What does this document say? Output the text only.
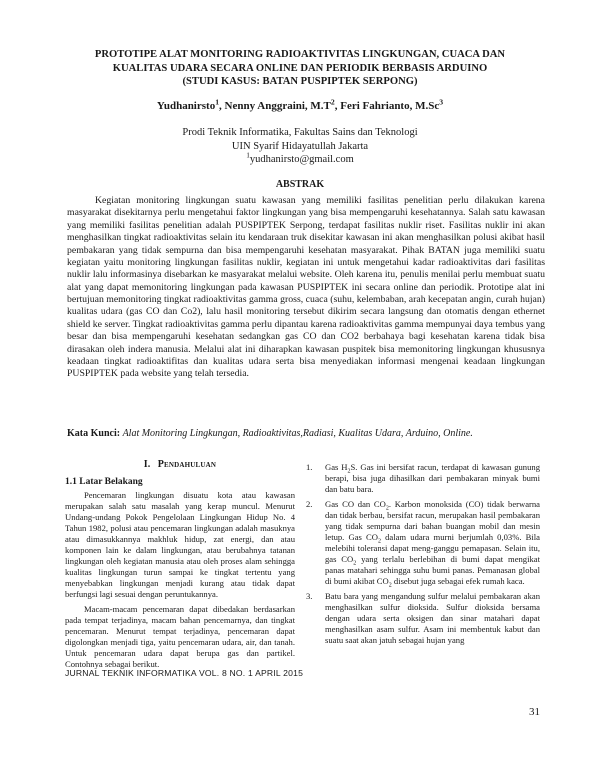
PROTOTIPE ALAT MONITORING RADIOAKTIVITAS LINGKUNGAN, CUACA DAN
KUALITAS UDARA SECARA ONLINE DAN PERIODIK BERBASIS ARDUINO
(STUDI KASUS: BATAN PUSPIPTEK SERPONG)
Yudhanirsto$^1$, Nenny Anggraini, $M.T^2$, Feri Fahrianto, M.Sc$^3$
Prodi Teknik Informatika, Fakultas Sains dan Teknologi
UIN Syarif Hidayatullah Jakarta
$^1$yudhanirsto@gmail.com
ABSTRAK

Kegiatan monitoring lingkungan suatu kawasan yang memiliki fasilitas penelitian perlu dilakukan karena masyarakat disekitarnya perlu mengetahui faktor lingkungan yang bisa mempengaruhi kesehatannya. Salah satu kawasan yang memiliki fasilitas penelitian adalah PUSPIPTEK Serpong, terdapat fasilitas nuklir riset. Fasilitas nuklir ini akan menghasilkan tingkat radioaktivitas selain itu kendaraan truk disekitar kawasan ini akan menghasilkan polusi akibat hasil pembakaran yang tidak sempurna dan bisa mempengaruhi kesehatan masyarakat. Pihak BATAN juga memiliki suatu kegiatan yaitu monitoring lingkungan fasilitas nuklir, kegiatan ini untuk mengetahui kadar radioaktivitas dari fasilitas nuklir lalu informasinya disebarkan ke masyarakat melalui website. Oleh karena itu, penulis menilai perlu membuat suatu alat yang dapat memonitoring lingkungan pada kawasan PUSPIPTEK ini secara online dan periodik. Prototipe alat ini bertujuan memonitoring tingkat radioaktivitas gamma gross, cuaca (suhu, kelembaban, arah kecepatan angin, curah hujan) kualitas udara (gas CO dan Co2), lalu hasil monitoring tersebut dikirim secara langsung dan otomatis dengan ethernet shield ke server. Tingkat radioaktivitas gamma perlu dipantau karena radioaktivitas gamma mempunyai daya tembus yang besar dan bisa mempengaruhi kesehatan sedangkan gas CO dan CO2 berbahaya bagi kesehatan karena tidak bisa dirasakan oleh indera manusia. Melalui alat ini diharapkan kawasan puspitek bisa memonitoring lingkungan khususnya keadaan tingkat radioaktifitas dan kualitas udara serta bisa menyediakan informasi mengenai keadaan lingkungan PUSPIPTEK pada website yang telah tersedia.

Kata Kunci: Alat Monitoring Lingkungan, Radioaktivitas,Radiasi, Kualitas Udara, Arduino, Online.
I. Pendahuluan
1.1 Latar Belakang

Pencemaran lingkungan disuatu kota atau kawasan merupakan salah satu masalah yang kerap muncul. Menurut Undang-undang Pokok Pengelolaan Lingkungan Hidup No. 4 Tahun 1982, polusi atau pencemaran lingkungan adalah masuknya atau dimasukkannya makhluk hidup, zat energi, dan atau komponen lain ke dalam lingkungan, atau berubahnya tatanan lingkungan oleh kegiatan manusia atau oleh proses alam sehingga kualitas lingkungan turun sampai ke tingkat tertentu yang menyebabkan lingkungan menjadi kurang atau tidak dapat berfungsi lagi sesuai dengan peruntukannya.

Macam-macam pencemaran dapat dibedakan berdasarkan pada tempat terjadinya, macam bahan pencemarnya, dan tingkat pencemaran. Menurut tempat terjadinya, pencemaran dapat digolongkan menjadi tiga, yaitu pencemaran udara, air, dan tanah. Untuk pencemaran udara dapat berupa gas dan partikel. Contohnya sebagai berikut.

1. Gas $H_2S$. Gas ini bersifat racun, terdapat di kawasan gunung berapi, bisa juga dihasilkan dari pembakaran minyak bumi dan batu bara.
2. Gas CO dan $CO_2$. Karbon monoksida (CO) tidak berwarna dan tidak berbau, bersifat racun, merupakan hasil pembakaran yang tidak sempurna dari bahan buangan mobil dan mesin letup. Gas $CO_2$ dalam udara murni berjumlah 0,03%. Bila melebihi toleransi dapat meng-ganggu pemapasan. Selain itu, gas $CO_2$ yang terlalu berlebihan di bumi dapat mengikat panas matahari sehingga suhu bumi panas. Pemanasan global di bumi akibat $CO_2$ disebut juga sebagai efek rumah kaca.
3. Batu bara yang mengandung sulfur melalui pembakaran akan menghasilkan sulfur dioksida. Sulfur dioksida bersama dengan udara serta oksigen dan sinar matahari dapat menghasilkan asam sulfur. Asam ini membentuk kabut dan suatu saat akan jatuh sebagai hujan yang
JURNAL TEKNIK INFORMATIKA VOL. 8 NO. 1 APRIL 2015
31
